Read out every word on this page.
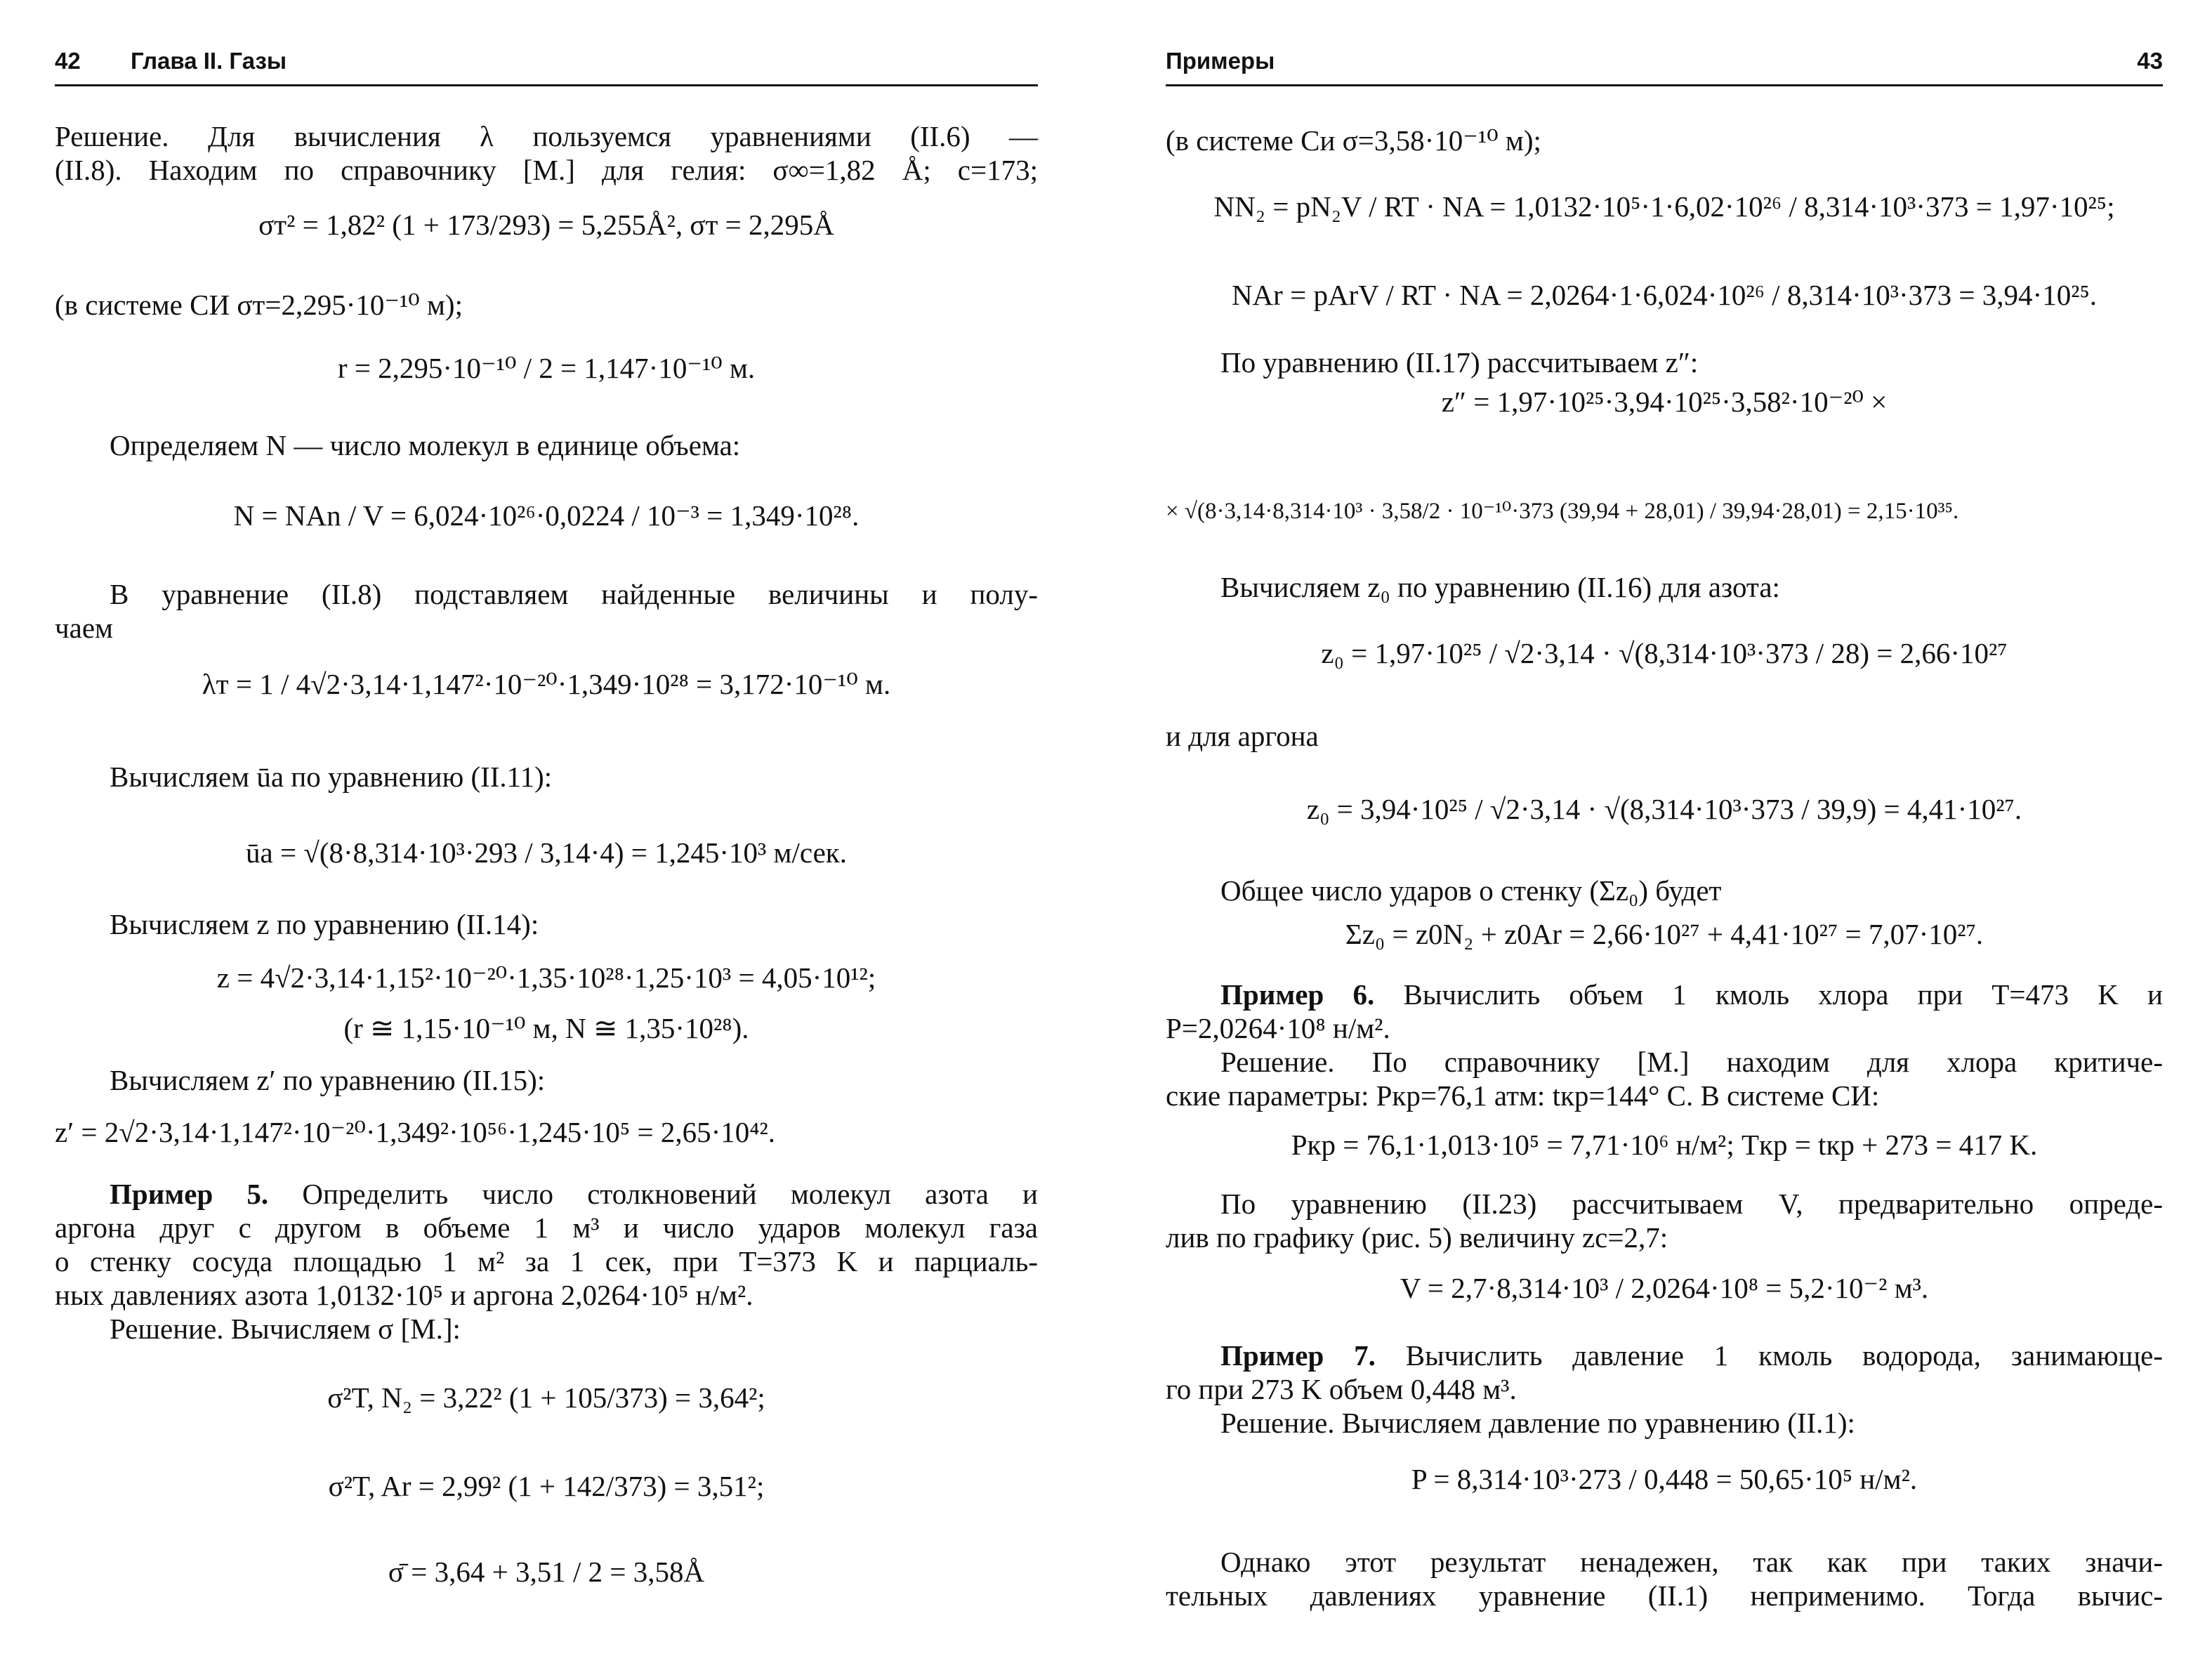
42 Глава II. Газы
Решение. Для вычисления λ пользуемся уравнениями (II.6) —
(II.8). Находим по справочнику [М.] для гелия: σ∞=1,82 Å; c=173;
σт² = 1,82² (1 + 173/293) = 5,255Å², σт = 2,295Å
(в системе СИ σт=2,295·10⁻¹⁰ м);
r = 2,295·10⁻¹⁰ / 2 = 1,147·10⁻¹⁰ м.
Определяем N — число молекул в единице объема:
N = NAn / V = 6,024·10²⁶·0,0224 / 10⁻³ = 1,349·10²⁸.
В уравнение (II.8) подставляем найденные величины и полу-
чаем
λт = 1 / 4√2·3,14·1,147²·10⁻²⁰·1,349·10²⁸ = 3,172·10⁻¹⁰ м.
Вычисляем ūa по уравнению (II.11):
ūa = √(8·8,314·10³·293 / 3,14·4) = 1,245·10³ м/сек.
Вычисляем z по уравнению (II.14):
z = 4√2·3,14·1,15²·10⁻²⁰·1,35·10²⁸·1,25·10³ = 4,05·10¹²;
(r ≅ 1,15·10⁻¹⁰ м, N ≅ 1,35·10²⁸).
Вычисляем z′ по уравнению (II.15):
z′ = 2√2·3,14·1,147²·10⁻²⁰·1,349²·10⁵⁶·1,245·10⁵ = 2,65·10⁴².
Пример 5. Определить число столкновений молекул азота и
аргона друг с другом в объеме 1 м³ и число ударов молекул газа
о стенку сосуда площадью 1 м² за 1 сек, при T=373 K и парциаль-
ных давлениях азота 1,0132·10⁵ и аргона 2,0264·10⁵ н/м².
Решение. Вычисляем σ [М.]:
σ²T, N₂ = 3,22² (1 + 105/373) = 3,64²;
σ²T, Ar = 2,99² (1 + 142/373) = 3,51²;
σ̄ = 3,64 + 3,51 / 2 = 3,58Å
Примеры	43
(в системе Си σ=3,58·10⁻¹⁰ м);
NN₂ = pN₂V / RT · NA = 1,0132·10⁵·1·6,02·10²⁶ / 8,314·10³·373 = 1,97·10²⁵;
NAr = pArV / RT · NA = 2,0264·1·6,024·10²⁶ / 8,314·10³·373 = 3,94·10²⁵.
По уравнению (II.17) рассчитываем z″:
z″ = 1,97·10²⁵·3,94·10²⁵·3,58²·10⁻²⁰ ×
× √(8·3,14·8,314·10³ · 3,58/2 · 10⁻¹⁰·373 (39,94 + 28,01) / 39,94·28,01) = 2,15·10³⁵.
Вычисляем z₀ по уравнению (II.16) для азота:
z₀ = 1,97·10²⁵ / √2·3,14 · √(8,314·10³·373 / 28) = 2,66·10²⁷
и для аргона
z₀ = 3,94·10²⁵ / √2·3,14 · √(8,314·10³·373 / 39,9) = 4,41·10²⁷.
Общее число ударов о стенку (Σz₀) будет
Σz₀ = z0N₂ + z0Ar = 2,66·10²⁷ + 4,41·10²⁷ = 7,07·10²⁷.
Пример 6. Вычислить объем 1 кмоль хлора при T=473 K и
P=2,0264·10⁸ н/м².
Решение. По справочнику [М.] находим для хлора критиче-
ские параметры: Pкр=76,1 атм: tкр=144° C. В системе СИ:
Pкр = 76,1·1,013·10⁵ = 7,71·10⁶ н/м²; Tкр = tкр + 273 = 417 K.
По уравнению (II.23) рассчитываем V, предварительно опреде-
лив по графику (рис. 5) величину zc=2,7:
V = 2,7·8,314·10³ / 2,0264·10⁸ = 5,2·10⁻² м³.
Пример 7. Вычислить давление 1 кмоль водорода, занимающе-
го при 273 K объем 0,448 м³.
Решение. Вычисляем давление по уравнению (II.1):
P = 8,314·10³·273 / 0,448 = 50,65·10⁵ н/м².
Однако этот результат ненадежен, так как при таких значи-
тельных давлениях уравнение (II.1) неприменимо. Тогда вычис-
